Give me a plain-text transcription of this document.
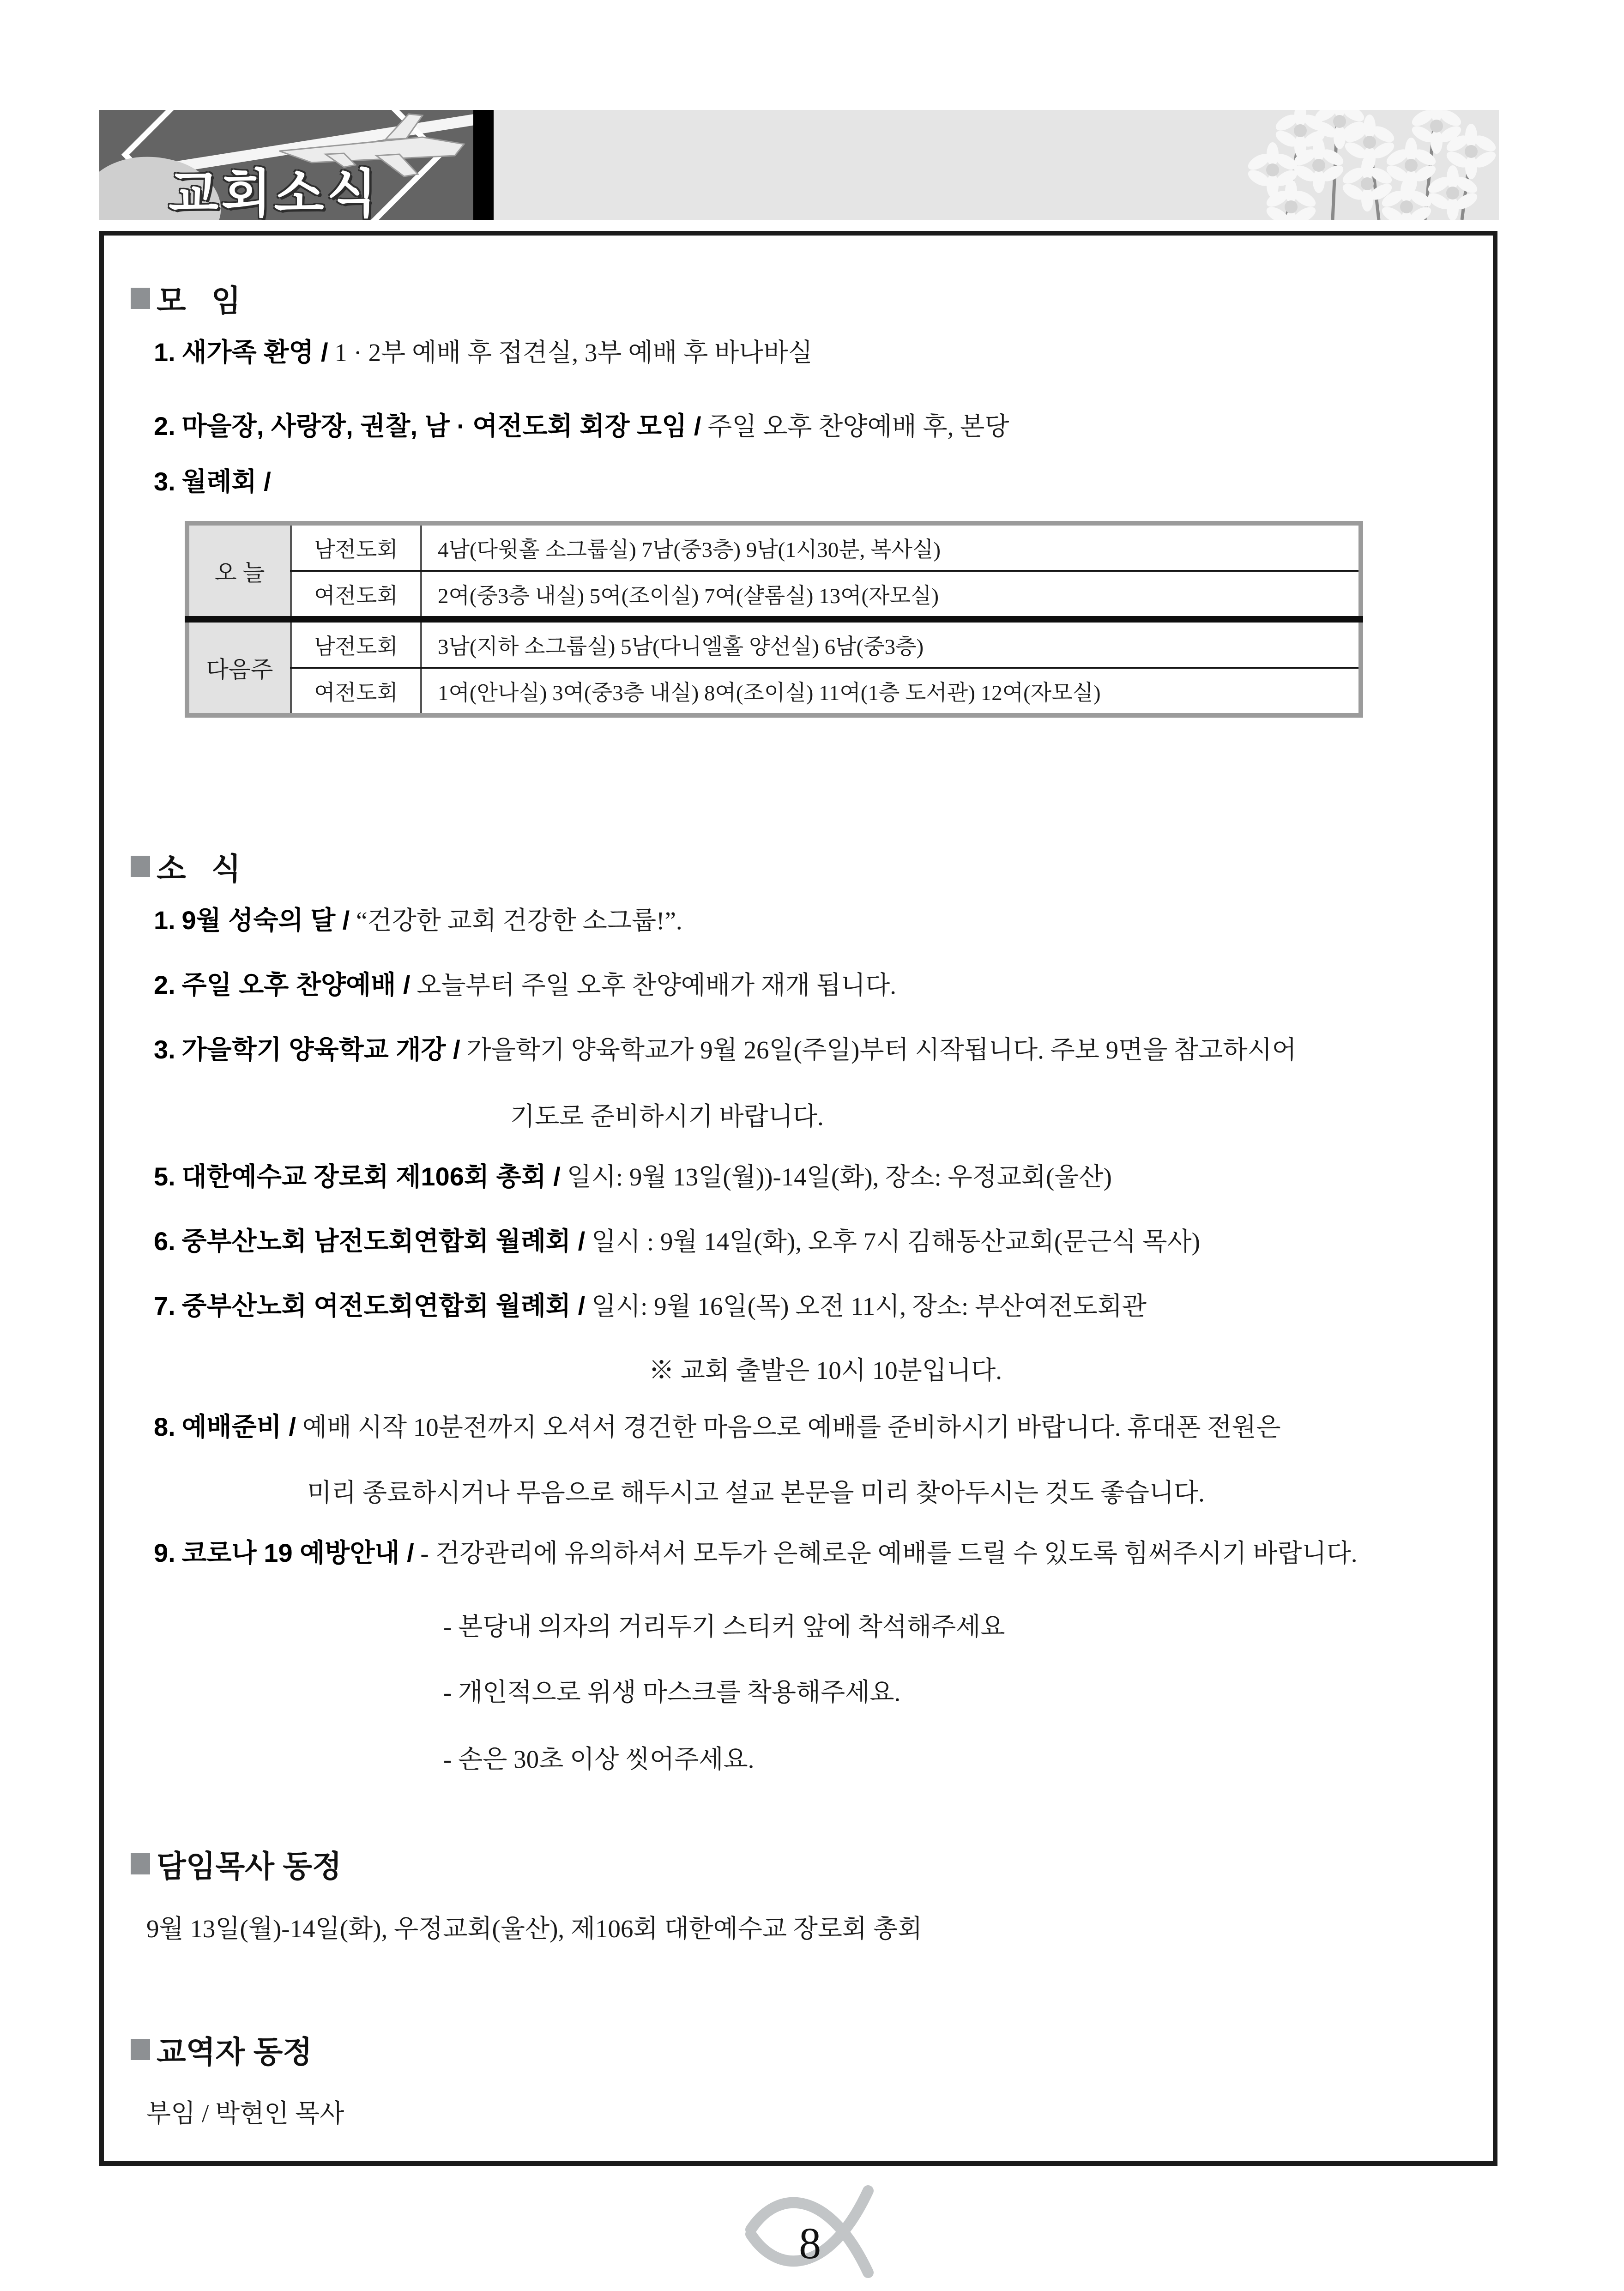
교회소식
모   임
1. 새가족 환영 / 1 · 2부 예배 후 접견실, 3부 예배 후 바나바실
2. 마을장, 사랑장, 권찰, 남 · 여전도회 회장 모임 / 주일 오후 찬양예배 후, 본당
3. 월례회 /
오 늘	남전도회	4남(다윗홀 소그룹실) 7남(중3층) 9남(1시30분, 복사실)
	여전도회	2여(중3층 내실) 5여(조이실) 7여(샬롬실) 13여(자모실)
다음주	남전도회	3남(지하 소그룹실) 5남(다니엘홀 양선실) 6남(중3층)
	여전도회	1여(안나실) 3여(중3층 내실) 8여(조이실) 11여(1층 도서관) 12여(자모실)
소   식
1. 9월 성숙의 달 / “건강한 교회 건강한 소그룹!”.
2. 주일 오후 찬양예배 / 오늘부터 주일 오후 찬양예배가 재개 됩니다.
3. 가을학기 양육학교 개강 / 가을학기 양육학교가 9월 26일(주일)부터 시작됩니다. 주보 9면을 참고하시어
기도로 준비하시기 바랍니다.
5. 대한예수교 장로회 제106회 총회 / 일시: 9월 13일(월))-14일(화), 장소: 우정교회(울산)
6. 중부산노회 남전도회연합회 월례회 / 일시 : 9월 14일(화), 오후 7시 김해동산교회(문근식 목사)
7. 중부산노회 여전도회연합회 월례회 / 일시: 9월 16일(목) 오전 11시, 장소: 부산여전도회관
※ 교회 출발은 10시 10분입니다.
8. 예배준비 / 예배 시작 10분전까지 오셔서 경건한 마음으로 예배를 준비하시기 바랍니다. 휴대폰 전원은
미리 종료하시거나 무음으로 해두시고 설교 본문을 미리 찾아두시는 것도 좋습니다.
9. 코로나 19 예방안내 / - 건강관리에 유의하셔서 모두가 은혜로운 예배를 드릴 수 있도록 힘써주시기 바랍니다.
- 본당내 의자의 거리두기 스티커 앞에 착석해주세요
- 개인적으로 위생 마스크를 착용해주세요.
- 손은 30초 이상 씻어주세요.
담임목사 동정
9월 13일(월)-14일(화), 우정교회(울산), 제106회 대한예수교 장로회 총회
교역자 동정
부임 / 박현인 목사
8
